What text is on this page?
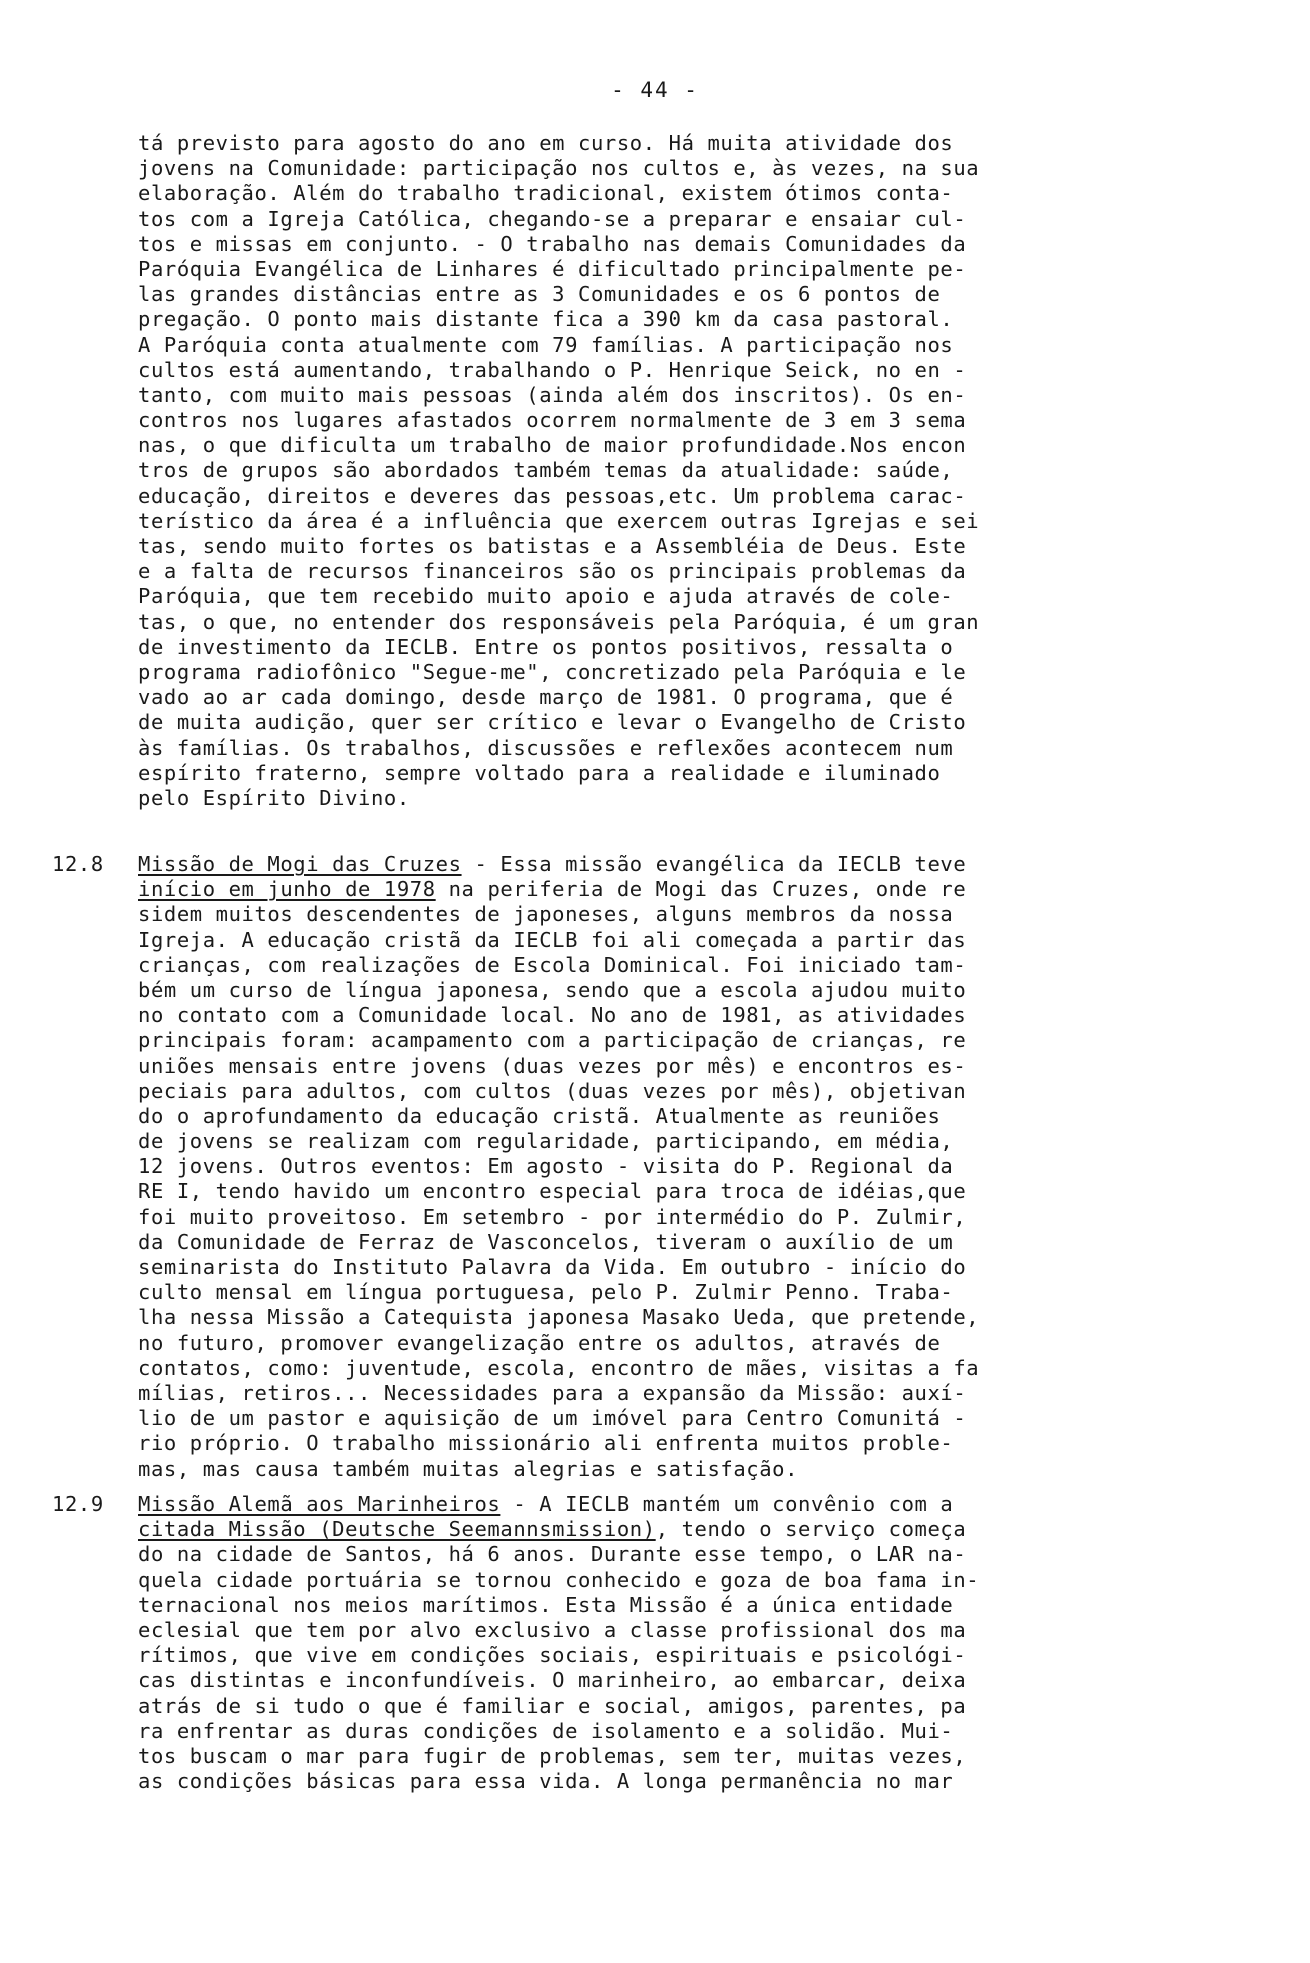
- 44 -
tá previsto para agosto do ano em curso. Há muita atividade dos
jovens na Comunidade: participação nos cultos e, às vezes, na sua
elaboração. Além do trabalho tradicional, existem ótimos conta-
tos com a Igreja Católica, chegando-se a preparar e ensaiar cul-
tos e missas em conjunto. - O trabalho nas demais Comunidades da
Paróquia Evangélica de Linhares é dificultado principalmente pe-
las grandes distâncias entre as 3 Comunidades e os 6 pontos de
pregação. O ponto mais distante fica a 390 km da casa pastoral.
A Paróquia conta atualmente com 79 famílias. A participação nos
cultos está aumentando, trabalhando o P. Henrique Seick, no en -
tanto, com muito mais pessoas (ainda além dos inscritos). Os en-
contros nos lugares afastados ocorrem normalmente de 3 em 3 sema
nas, o que dificulta um trabalho de maior profundidade.Nos encon
tros de grupos são abordados também temas da atualidade: saúde,
educação, direitos e deveres das pessoas,etc. Um problema carac-
terístico da área é a influência que exercem outras Igrejas e sei
tas, sendo muito fortes os batistas e a Assembléia de Deus. Este
e a falta de recursos financeiros são os principais problemas da
Paróquia, que tem recebido muito apoio e ajuda através de cole-
tas, o que, no entender dos responsáveis pela Paróquia, é um gran
de investimento da IECLB. Entre os pontos positivos, ressalta o
programa radiofônico "Segue-me", concretizado pela Paróquia e le
vado ao ar cada domingo, desde março de 1981. O programa, que é
de muita audição, quer ser crítico e levar o Evangelho de Cristo
às famílias. Os trabalhos, discussões e reflexões acontecem num
espírito fraterno, sempre voltado para a realidade e iluminado
pelo Espírito Divino.
12.8 Missão de Mogi das Cruzes - Essa missão evangélica da IECLB teve
início em junho de 1978 na periferia de Mogi das Cruzes, onde re
sidem muitos descendentes de japoneses, alguns membros da nossa
Igreja. A educação cristã da IECLB foi ali começada a partir das
crianças, com realizações de Escola Dominical. Foi iniciado tam-
bém um curso de língua japonesa, sendo que a escola ajudou muito
no contato com a Comunidade local. No ano de 1981, as atividades
principais foram: acampamento com a participação de crianças, re
uniões mensais entre jovens (duas vezes por mês) e encontros es-
peciais para adultos, com cultos (duas vezes por mês), objetivan
do o aprofundamento da educação cristã. Atualmente as reuniões
de jovens se realizam com regularidade, participando, em média,
12 jovens. Outros eventos: Em agosto - visita do P. Regional da
RE I, tendo havido um encontro especial para troca de idéias,que
foi muito proveitoso. Em setembro - por intermédio do P. Zulmir,
da Comunidade de Ferraz de Vasconcelos, tiveram o auxílio de um
seminarista do Instituto Palavra da Vida. Em outubro - início do
culto mensal em língua portuguesa, pelo P. Zulmir Penno. Traba-
lha nessa Missão a Catequista japonesa Masako Ueda, que pretende,
no futuro, promover evangelização entre os adultos, através de
contatos, como: juventude, escola, encontro de mães, visitas a fa
mílias, retiros... Necessidades para a expansão da Missão: auxí-
lio de um pastor e aquisição de um imóvel para Centro Comunitá -
rio próprio. O trabalho missionário ali enfrenta muitos proble-
mas, mas causa também muitas alegrias e satisfação.
12.9 Missão Alemã aos Marinheiros - A IECLB mantém um convênio com a
citada Missão (Deutsche Seemannsmission), tendo o serviço começa
do na cidade de Santos, há 6 anos. Durante esse tempo, o LAR na-
quela cidade portuária se tornou conhecido e goza de boa fama in-
ternacional nos meios marítimos. Esta Missão é a única entidade
eclesial que tem por alvo exclusivo a classe profissional dos ma
rítimos, que vive em condições sociais, espirituais e psicológi-
cas distintas e inconfundíveis. O marinheiro, ao embarcar, deixa
atrás de si tudo o que é familiar e social, amigos, parentes, pa
ra enfrentar as duras condições de isolamento e a solidão. Mui-
tos buscam o mar para fugir de problemas, sem ter, muitas vezes,
as condições básicas para essa vida. A longa permanência no mar
